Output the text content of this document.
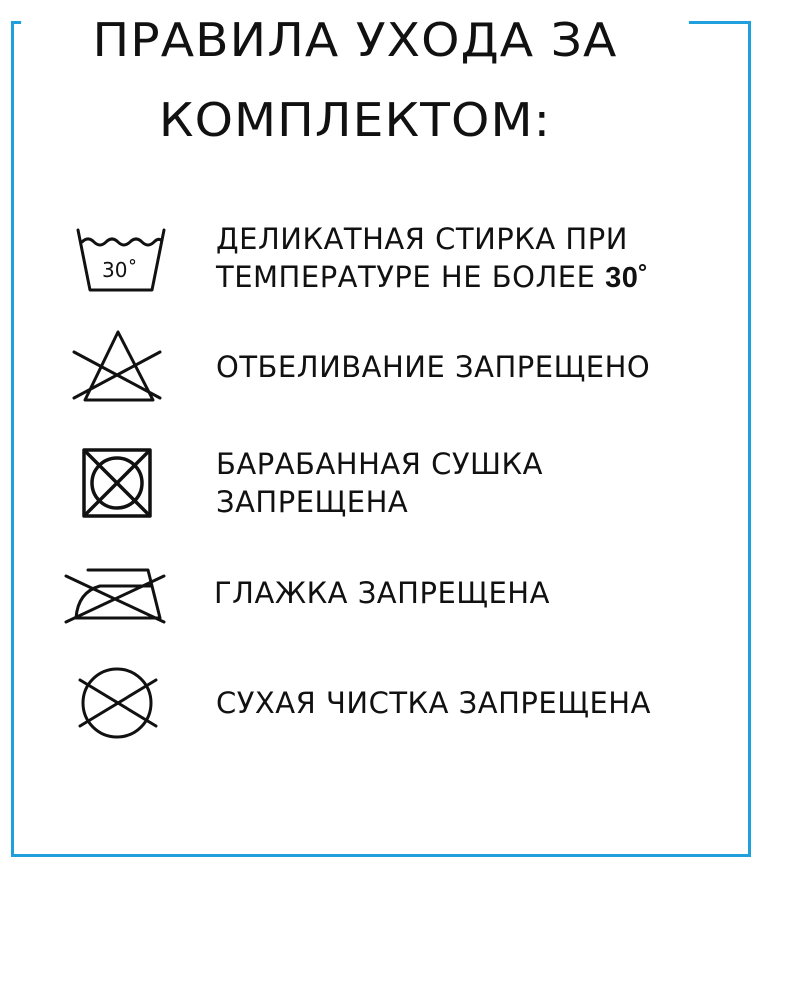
ПРАВИЛА УХОДА ЗА
КОМПЛЕКТОМ:
30˚
ДЕЛИКАТНАЯ СТИРКА ПРИ
ТЕМПЕРАТУРЕ НЕ БОЛЕЕ 30˚
ОТБЕЛИВАНИЕ ЗАПРЕЩЕНО
БАРАБАННАЯ СУШКА
ЗАПРЕЩЕНА
ГЛАЖКА ЗАПРЕЩЕНА
СУХАЯ ЧИСТКА ЗАПРЕЩЕНА
